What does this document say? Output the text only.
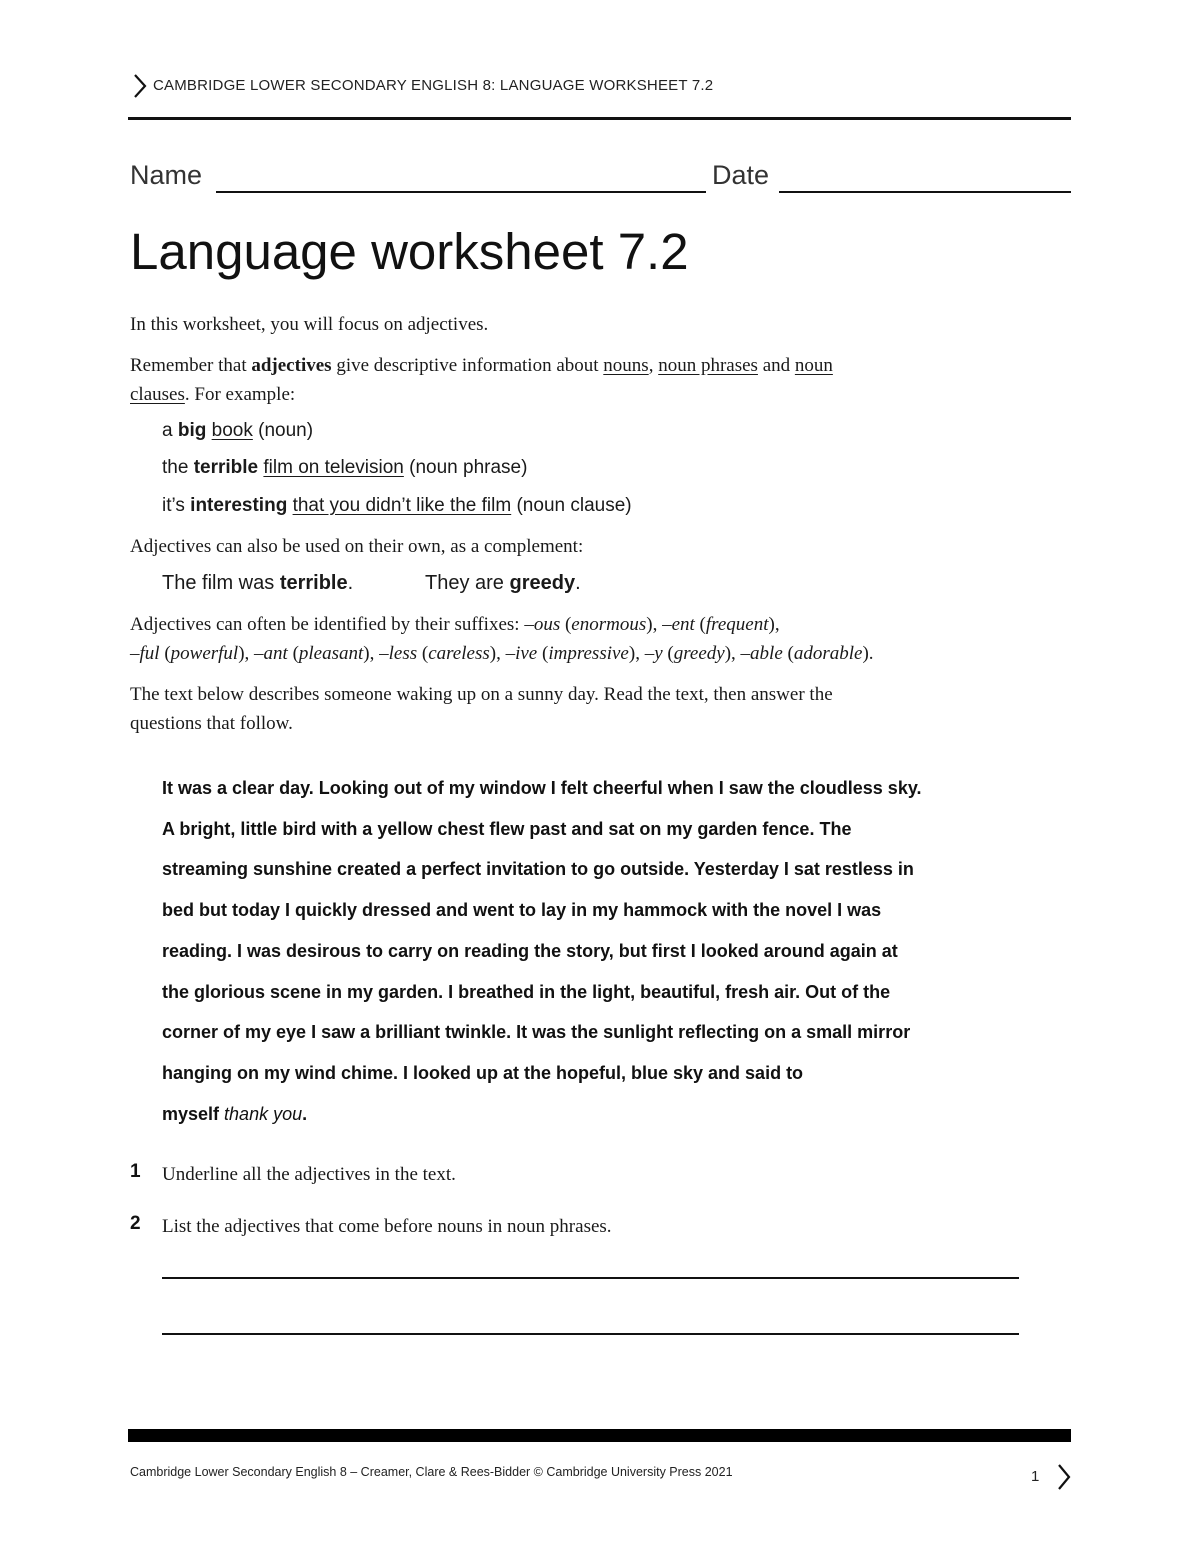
CAMBRIDGE LOWER SECONDARY ENGLISH 8: LANGUAGE WORKSHEET 7.2
Name	Date
Language worksheet 7.2
In this worksheet, you will focus on adjectives.
Remember that adjectives give descriptive information about nouns, noun phrases and noun
clauses. For example:
a big book (noun)
the terrible film on television (noun phrase)
it’s interesting that you didn’t like the film (noun clause)
Adjectives can also be used on their own, as a complement:
The film was terrible.	They are greedy.
Adjectives can often be identified by their suffixes: –ous (enormous), –ent (frequent),
–ful (powerful), –ant (pleasant), –less (careless), –ive (impressive), –y (greedy), –able (adorable).
The text below describes someone waking up on a sunny day. Read the text, then answer the
questions that follow.
It was a clear day. Looking out of my window I felt cheerful when I saw the cloudless sky.
A bright, little bird with a yellow chest flew past and sat on my garden fence. The
streaming sunshine created a perfect invitation to go outside. Yesterday I sat restless in
bed but today I quickly dressed and went to lay in my hammock with the novel I was
reading. I was desirous to carry on reading the story, but first I looked around again at
the glorious scene in my garden. I breathed in the light, beautiful, fresh air. Out of the
corner of my eye I saw a brilliant twinkle. It was the sunlight reflecting on a small mirror
hanging on my wind chime. I looked up at the hopeful, blue sky and said to
myself thank you.
1 Underline all the adjectives in the text.
2 List the adjectives that come before nouns in noun phrases.
Cambridge Lower Secondary English 8 – Creamer, Clare & Rees-Bidder © Cambridge University Press 2021	1
